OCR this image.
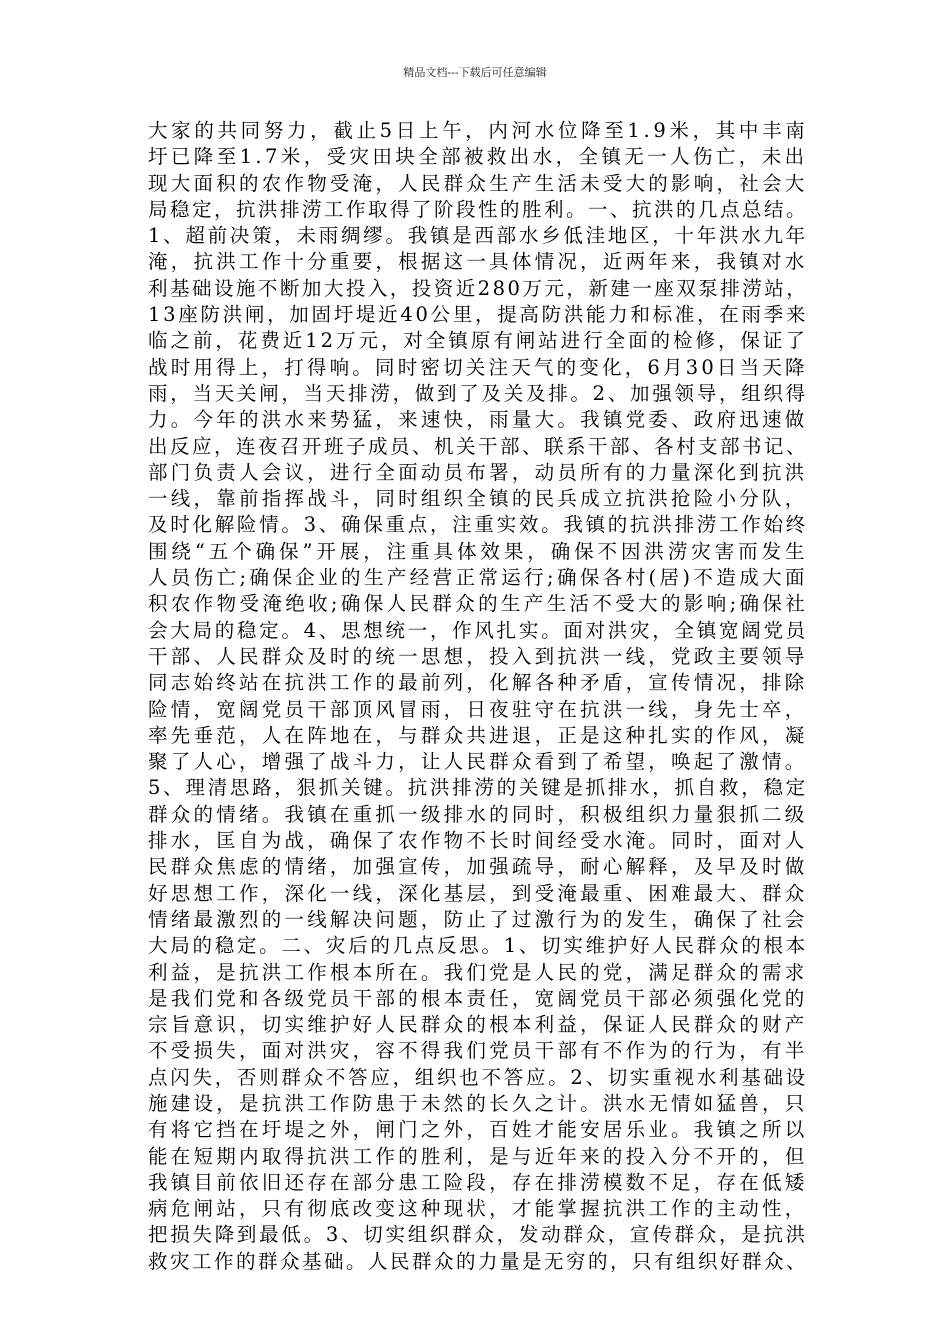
精品文档---下载后可任意编辑
大家的共同努力，截止5日上午，内河水位降至1.9米，其中丰南
圩已降至1.7米，受灾田块全部被救出水，全镇无一人伤亡，未出
现大面积的农作物受淹，人民群众生产生活未受大的影响，社会大
局稳定，抗洪排涝工作取得了阶段性的胜利。一、抗洪的几点总结。
1、超前决策，未雨绸缪。我镇是西部水乡低洼地区，十年洪水九年
淹，抗洪工作十分重要，根据这一具体情况，近两年来，我镇对水
利基础设施不断加大投入，投资近280万元，新建一座双泵排涝站，
13座防洪闸，加固圩堤近40公里，提高防洪能力和标准，在雨季来
临之前，花费近12万元，对全镇原有闸站进行全面的检修，保证了
战时用得上，打得响。同时密切关注天气的变化，6月30日当天降
雨，当天关闸，当天排涝，做到了及关及排。2、加强领导，组织得
力。今年的洪水来势猛，来速快，雨量大。我镇党委、政府迅速做
出反应，连夜召开班子成员、机关干部、联系干部、各村支部书记、
部门负责人会议，进行全面动员布署，动员所有的力量深化到抗洪
一线，靠前指挥战斗，同时组织全镇的民兵成立抗洪抢险小分队，
及时化解险情。3、确保重点，注重实效。我镇的抗洪排涝工作始终
围绕“五个确保”开展，注重具体效果，确保不因洪涝灾害而发生
人员伤亡;确保企业的生产经营正常运行;确保各村(居)不造成大面
积农作物受淹绝收;确保人民群众的生产生活不受大的影响;确保社
会大局的稳定。4、思想统一，作风扎实。面对洪灾，全镇宽阔党员
干部、人民群众及时的统一思想，投入到抗洪一线，党政主要领导
同志始终站在抗洪工作的最前列，化解各种矛盾，宣传情况，排除
险情，宽阔党员干部顶风冒雨，日夜驻守在抗洪一线，身先士卒，
率先垂范，人在阵地在，与群众共进退，正是这种扎实的作风，凝
聚了人心，增强了战斗力，让人民群众看到了希望，唤起了激情。
5、理清思路，狠抓关键。抗洪排涝的关键是抓排水，抓自救，稳定
群众的情绪。我镇在重抓一级排水的同时，积极组织力量狠抓二级
排水，匡自为战，确保了农作物不长时间经受水淹。同时，面对人
民群众焦虑的情绪，加强宣传，加强疏导，耐心解释，及早及时做
好思想工作，深化一线，深化基层，到受淹最重、困难最大、群众
情绪最激烈的一线解决问题，防止了过激行为的发生，确保了社会
大局的稳定。二、灾后的几点反思。1、切实维护好人民群众的根本
利益，是抗洪工作根本所在。我们党是人民的党，满足群众的需求
是我们党和各级党员干部的根本责任，宽阔党员干部必须强化党的
宗旨意识，切实维护好人民群众的根本利益，保证人民群众的财产
不受损失，面对洪灾，容不得我们党员干部有不作为的行为，有半
点闪失，否则群众不答应，组织也不答应。2、切实重视水利基础设
施建设，是抗洪工作防患于未然的长久之计。洪水无情如猛兽，只
有将它挡在圩堤之外，闸门之外，百姓才能安居乐业。我镇之所以
能在短期内取得抗洪工作的胜利，是与近年来的投入分不开的，但
我镇目前依旧还存在部分患工险段，存在排涝模数不足，存在低矮
病危闸站，只有彻底改变这种现状，才能掌握抗洪工作的主动性，
把损失降到最低。3、切实组织群众，发动群众，宣传群众，是抗洪
救灾工作的群众基础。人民群众的力量是无穷的，只有组织好群众、
